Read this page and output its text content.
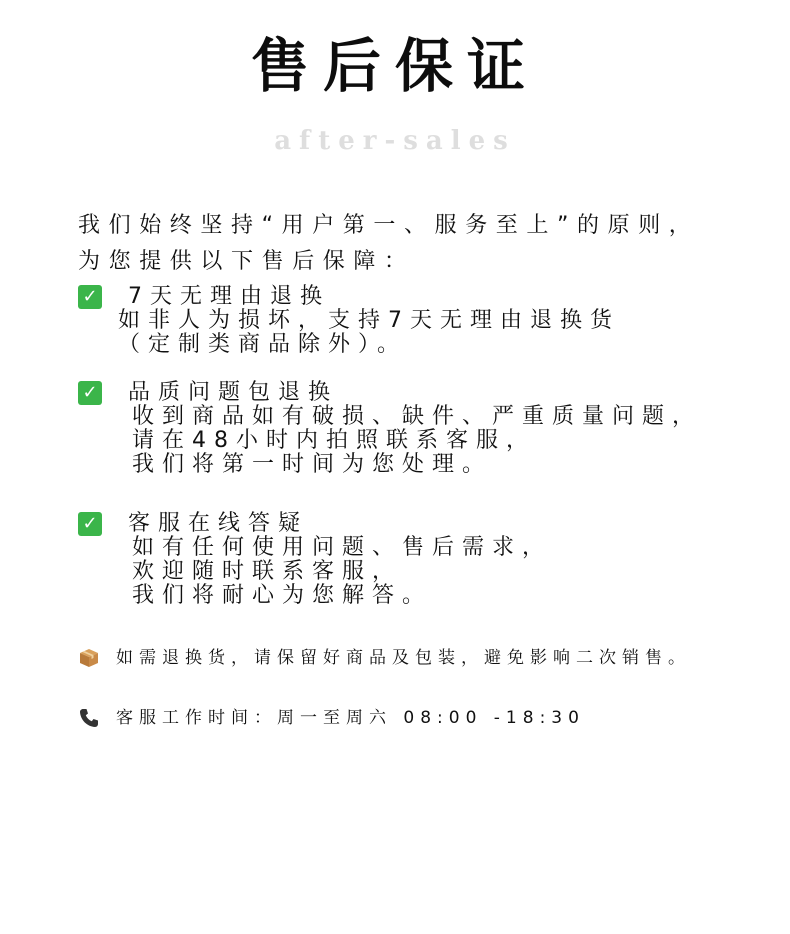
售后保证
after-sales
我们始终坚持“用户第一、服务至上”的原则，
为您提供以下售后保障：
✓ 7天无理由退换
如非人为损坏，支持7天无理由退换货
（定制类商品除外）。
✓ 品质问题包退换
收到商品如有破损、缺件、严重质量问题，
请在48小时内拍照联系客服，
我们将第一时间为您处理。
✓ 客服在线答疑
如有任何使用问题、售后需求，
欢迎随时联系客服，
我们将耐心为您解答。
如需退换货，请保留好商品及包装，避免影响二次销售。
客服工作时间：周一至周六 08:00 -18:30
